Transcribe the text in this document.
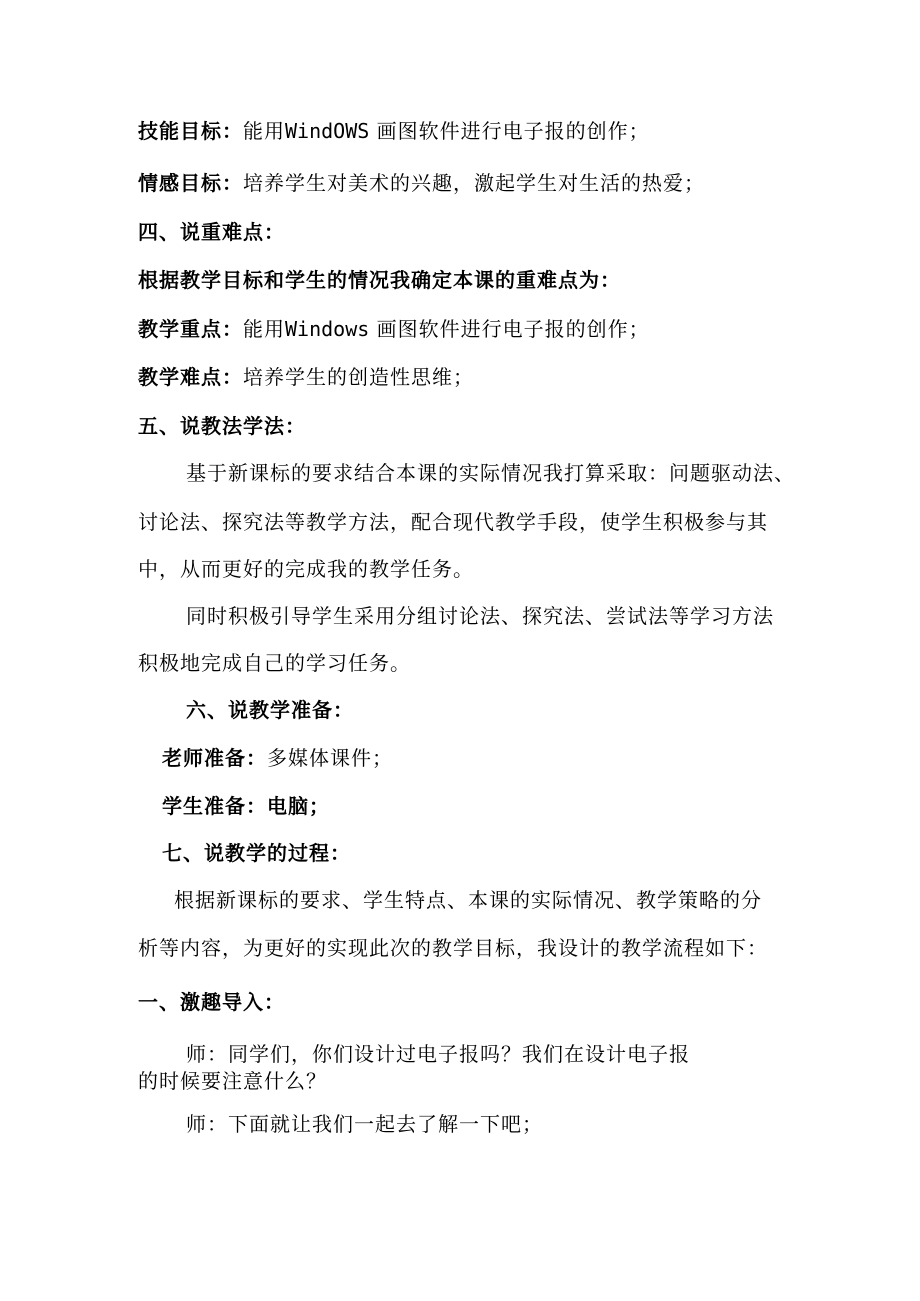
技能目标：能用WindOWS 画图软件进行电子报的创作；
情感目标：培养学生对美术的兴趣，激起学生对生活的热爱；
四、说重难点：
根据教学目标和学生的情况我确定本课的重难点为：
教学重点：能用Windows 画图软件进行电子报的创作；
教学难点：培养学生的创造性思维；
五、说教法学法：
基于新课标的要求结合本课的实际情况我打算采取：问题驱动法、
讨论法、探究法等教学方法，配合现代教学手段，使学生积极参与其
中，从而更好的完成我的教学任务。
同时积极引导学生采用分组讨论法、探究法、尝试法等学习方法
积极地完成自己的学习任务。
六、说教学准备：
老师准备：多媒体课件；
学生准备：电脑；
七、说教学的过程：
根据新课标的要求、学生特点、本课的实际情况、教学策略的分
析等内容，为更好的实现此次的教学目标，我设计的教学流程如下：
一、激趣导入：
师：同学们，你们设计过电子报吗？我们在设计电子报
的时候要注意什么？
师：下面就让我们一起去了解一下吧；
